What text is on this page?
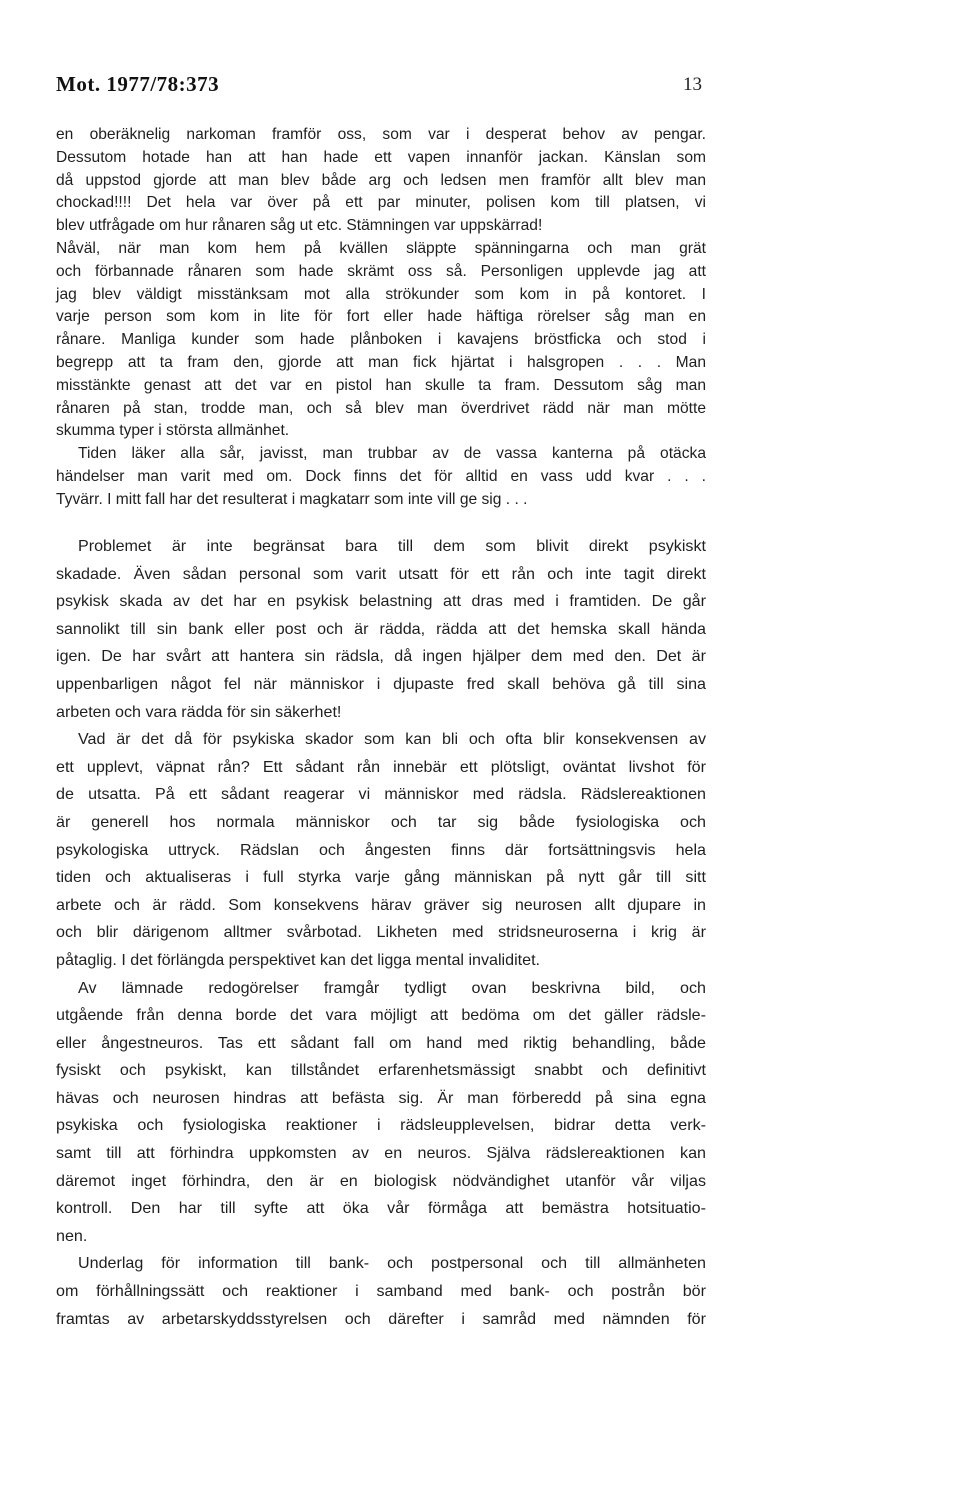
Mot. 1977/78:373	13
en oberäknelig narkoman framför oss, som var i desperat behov av pengar.
Dessutom hotade han att han hade ett vapen innanför jackan. Känslan som
då uppstod gjorde att man blev både arg och ledsen men framför allt blev man
chockad!!!! Det hela var över på ett par minuter, polisen kom till platsen, vi
blev utfrågade om hur rånaren såg ut etc. Stämningen var uppskärrad!
Nåväl, när man kom hem på kvällen släppte spänningarna och man grät
och förbannade rånaren som hade skrämt oss så. Personligen upplevde jag att
jag blev väldigt misstänksam mot alla strökunder som kom in på kontoret. I
varje person som kom in lite för fort eller hade häftiga rörelser såg man en
rånare. Manliga kunder som hade plånboken i kavajens bröstficka och stod i
begrepp att ta fram den, gjorde att man fick hjärtat i halsgropen . . . Man
misstänkte genast att det var en pistol han skulle ta fram. Dessutom såg man
rånaren på stan, trodde man, och så blev man överdrivet rädd när man mötte
skumma typer i största allmänhet.
Tiden läker alla sår, javisst, man trubbar av de vassa kanterna på otäcka
händelser man varit med om. Dock finns det för alltid en vass udd kvar . . .
Tyvärr. I mitt fall har det resulterat i magkatarr som inte vill ge sig . . .
Problemet är inte begränsat bara till dem som blivit direkt psykiskt
skadade. Även sådan personal som varit utsatt för ett rån och inte tagit direkt
psykisk skada av det har en psykisk belastning att dras med i framtiden. De går
sannolikt till sin bank eller post och är rädda, rädda att det hemska skall hända
igen. De har svårt att hantera sin rädsla, då ingen hjälper dem med den. Det är
uppenbarligen något fel när människor i djupaste fred skall behöva gå till sina
arbeten och vara rädda för sin säkerhet!
Vad är det då för psykiska skador som kan bli och ofta blir konsekvensen av
ett upplevt, väpnat rån? Ett sådant rån innebär ett plötsligt, oväntat livshot för
de utsatta. På ett sådant reagerar vi människor med rädsla. Rädslereaktionen
är generell hos normala människor och tar sig både fysiologiska och
psykologiska uttryck. Rädslan och ångesten finns där fortsättningsvis hela
tiden och aktualiseras i full styrka varje gång människan på nytt går till sitt
arbete och är rädd. Som konsekvens härav gräver sig neurosen allt djupare in
och blir därigenom alltmer svårbotad. Likheten med stridsneuroserna i krig är
påtaglig. I det förlängda perspektivet kan det ligga mental invaliditet.
Av lämnade redogörelser framgår tydligt ovan beskrivna bild, och
utgående från denna borde det vara möjligt att bedöma om det gäller rädsle-
eller ångestneuros. Tas ett sådant fall om hand med riktig behandling, både
fysiskt och psykiskt, kan tillståndet erfarenhetsmässigt snabbt och definitivt
hävas och neurosen hindras att befästa sig. Är man förberedd på sina egna
psykiska och fysiologiska reaktioner i rädsleupplevelsen, bidrar detta verk-
samt till att förhindra uppkomsten av en neuros. Själva rädslereaktionen kan
däremot inget förhindra, den är en biologisk nödvändighet utanför vår viljas
kontroll. Den har till syfte att öka vår förmåga att bemästra hotsituatio-
nen.
Underlag för information till bank- och postpersonal och till allmänheten
om förhållningssätt och reaktioner i samband med bank- och postrån bör
framtas av arbetarskyddsstyrelsen och därefter i samråd med nämnden för
